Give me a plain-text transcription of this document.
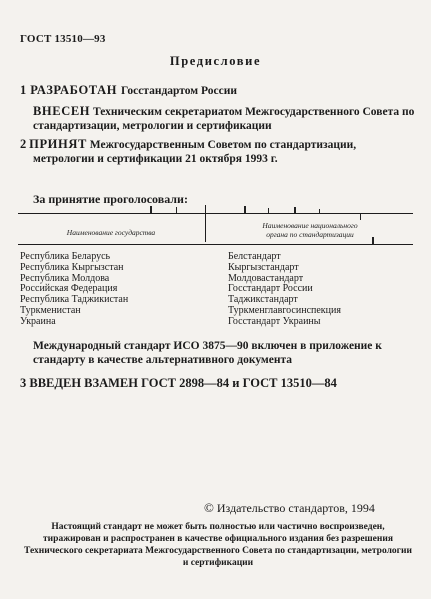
ГОСТ 13510—93
Предисловие
1 РАЗРАБОТАН Госстандартом России
ВНЕСЕН Техническим секретариатом Межгосударственного Совета по стандартизации, метрологии и сертификации
2 ПРИНЯТ Межгосударственным Советом по стандартизации,
метрологии и сертификации 21 октября 1993 г.
За принятие проголосовали:
Наименование государства
Наименование национального
органа по стандартизации
Республика Беларусь
Республика Кыргызстан
Республика Молдова
Российская Федерация
Республика Таджикистан
Туркменистан
Украина
Белстандарт
Кыргызстандарт
Молдовастандарт
Госстандарт России
Таджикстандарт
Туркменглавгосинспекция
Госстандарт Украины
Международный стандарт ИСО 3875—90 включен в приложение к стандарту в качестве альтернативного документа
3 ВВЕДЕН ВЗАМЕН ГОСТ 2898—84 и ГОСТ 13510—84
© Издательство стандартов, 1994
Настоящий стандарт не может быть полностью или частично воспроизведен, тиражирован и распространен в качестве официального издания без разрешения Технического секретариата Межгосударственного Совета по стандартизации, метрологии и сертификации
